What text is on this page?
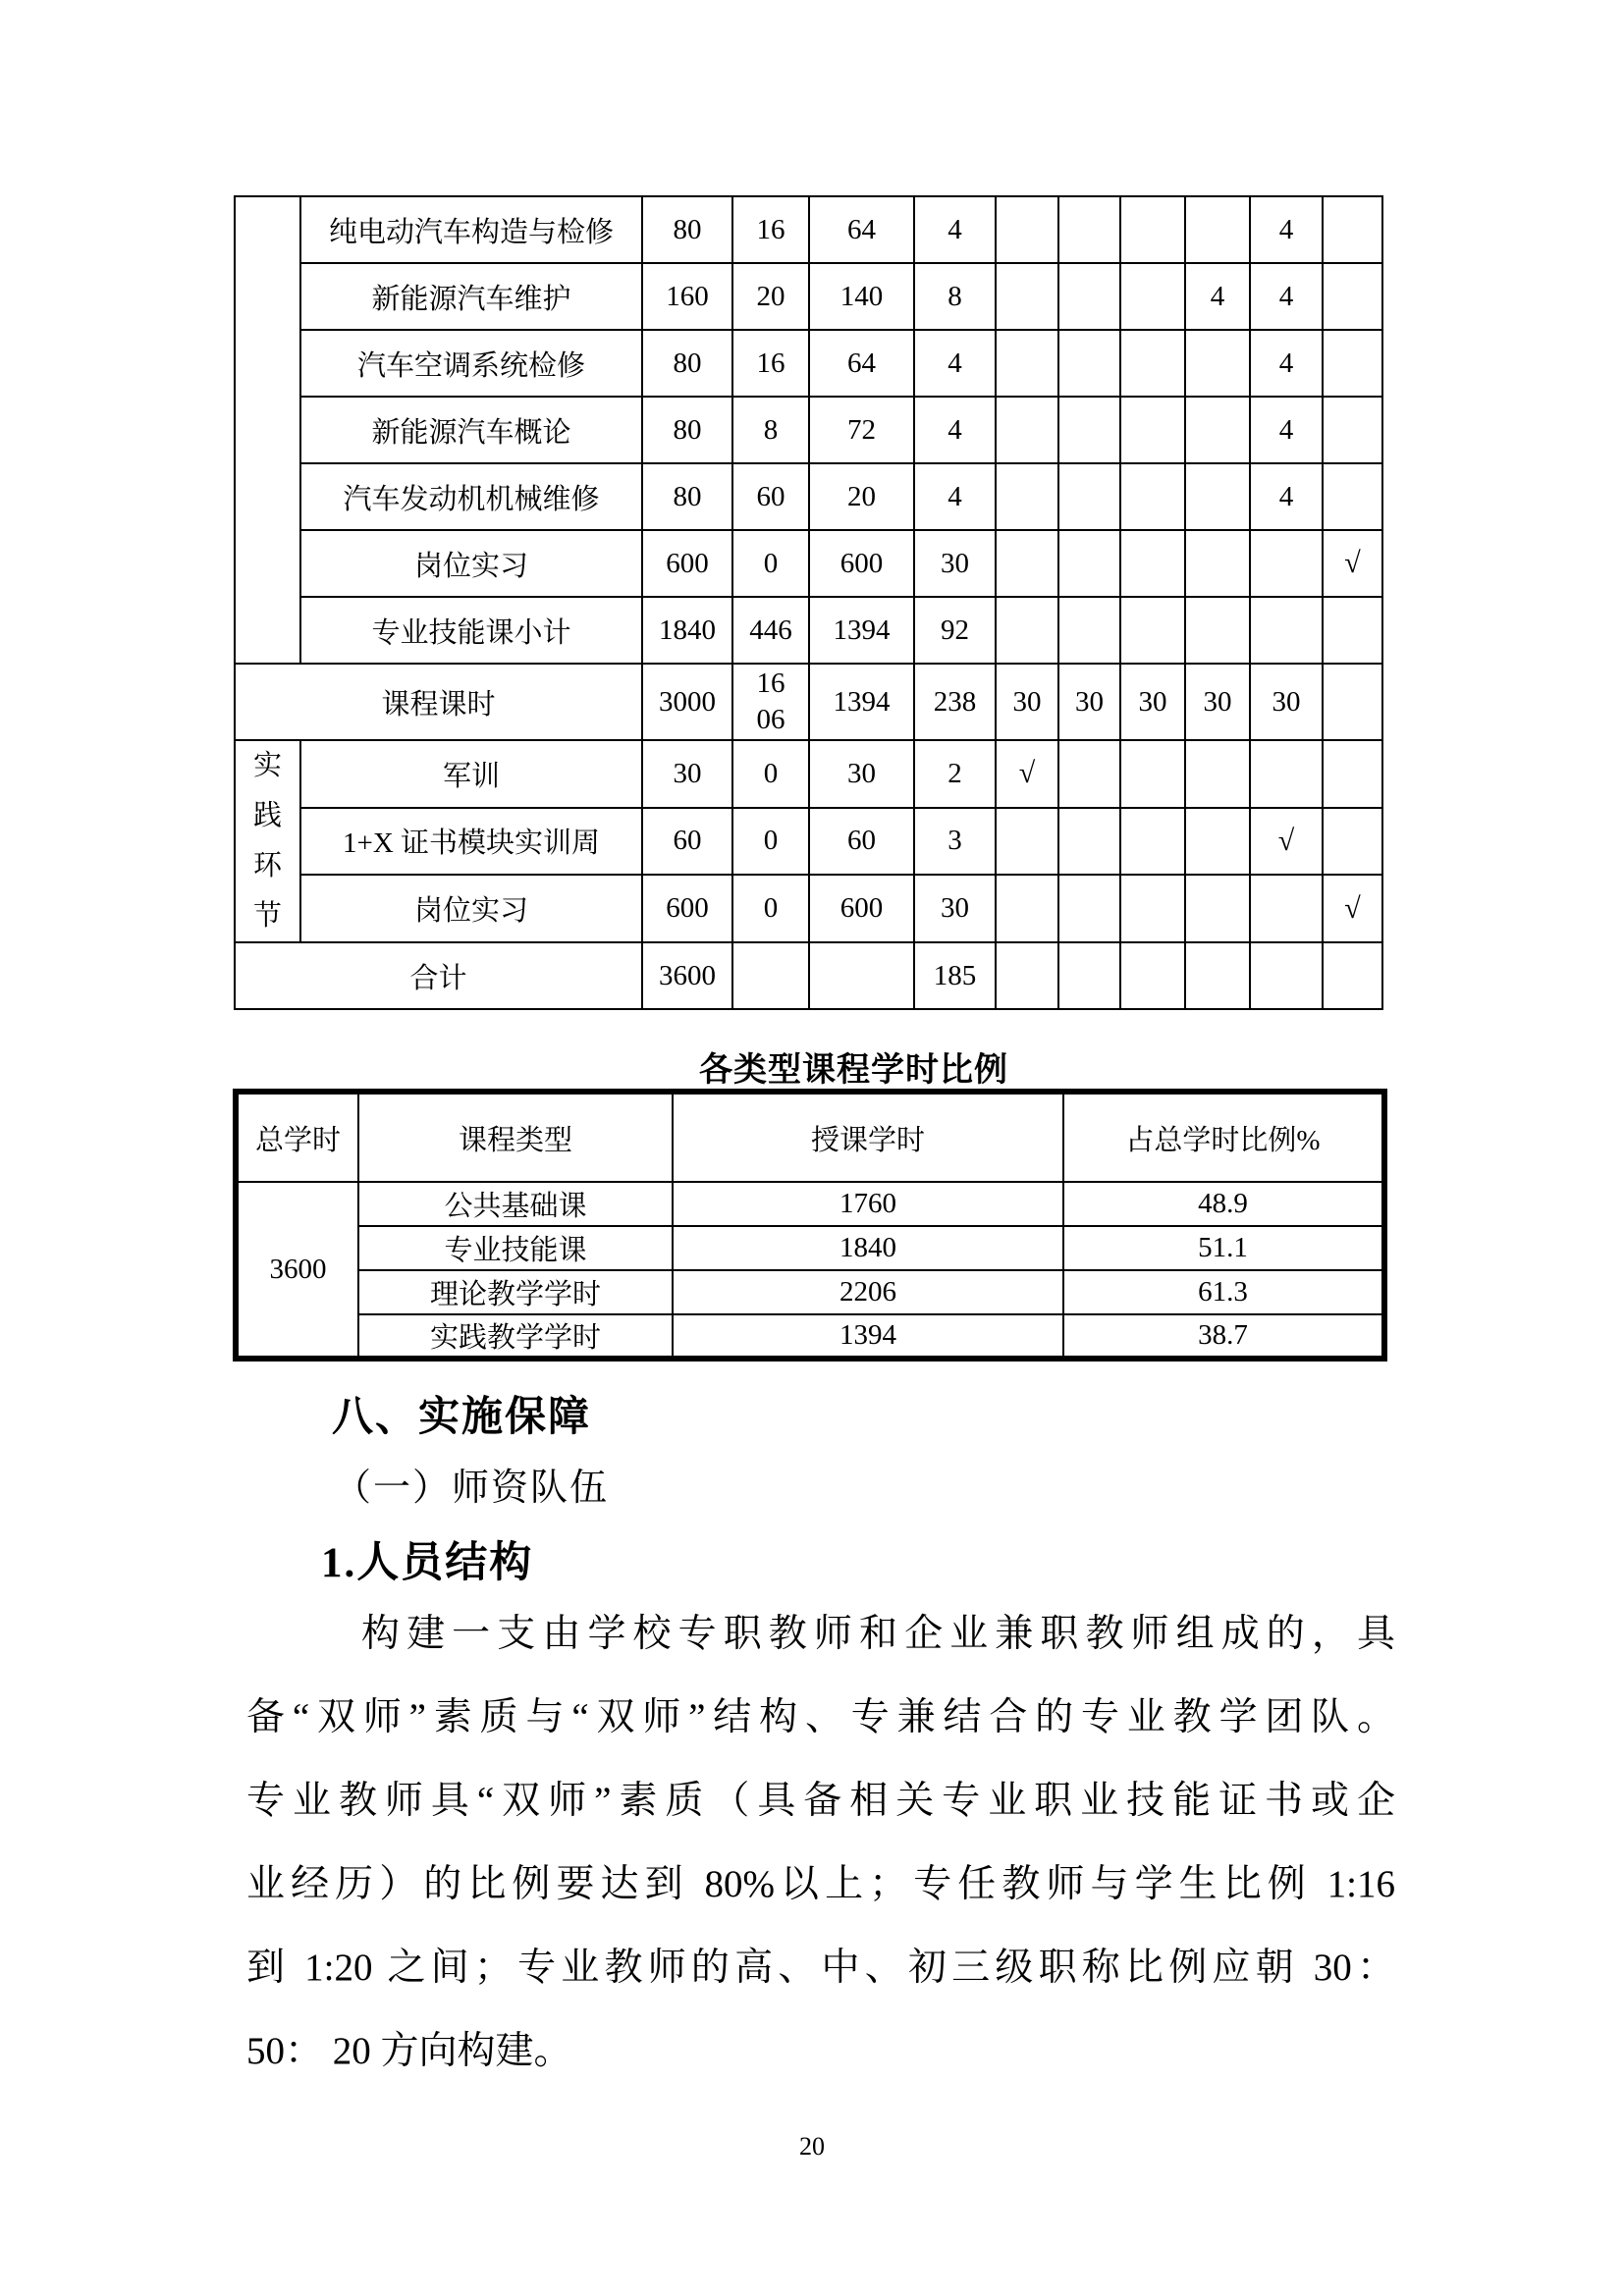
	纯电动汽车构造与检修	80	16	64	4					4	
	新能源汽车维护	160	20	140	8				4	4	
	汽车空调系统检修	80	16	64	4					4	
	新能源汽车概论	80	8	72	4					4	
	汽车发动机机械维修	80	60	20	4					4	
	岗位实习	600	0	600	30						√
	专业技能课小计	1840	446	1394	92						
课程课时		3000	1606	1394	238	30	30	30	30	30	
实践环节	军训	30	0	30	2	√					
	1+X 证书模块实训周	60	0	60	3					√	
	岗位实习	600	0	600	30						√
合计		3600			185						
各类型课程学时比例
总学时	课程类型	授课学时	占总学时比例%
3600	公共基础课	1760	48.9
	专业技能课	1840	51.1
	理论教学学时	2206	61.3
	实践教学学时	1394	38.7
八、实施保障
（一）师资队伍
1.人员结构
构建一支由学校专职教师和企业兼职教师组成的，具
备“双师”素质与“双师”结构、专兼结合的专业教学团队。
专业教师具“双师”素质（具备相关专业职业技能证书或企
业经历）的比例要达到 80%以上；专任教师与学生比例 1:16
到 1:20 之间；专业教师的高、中、初三级职称比例应朝 30：
50： 20 方向构建。
20
